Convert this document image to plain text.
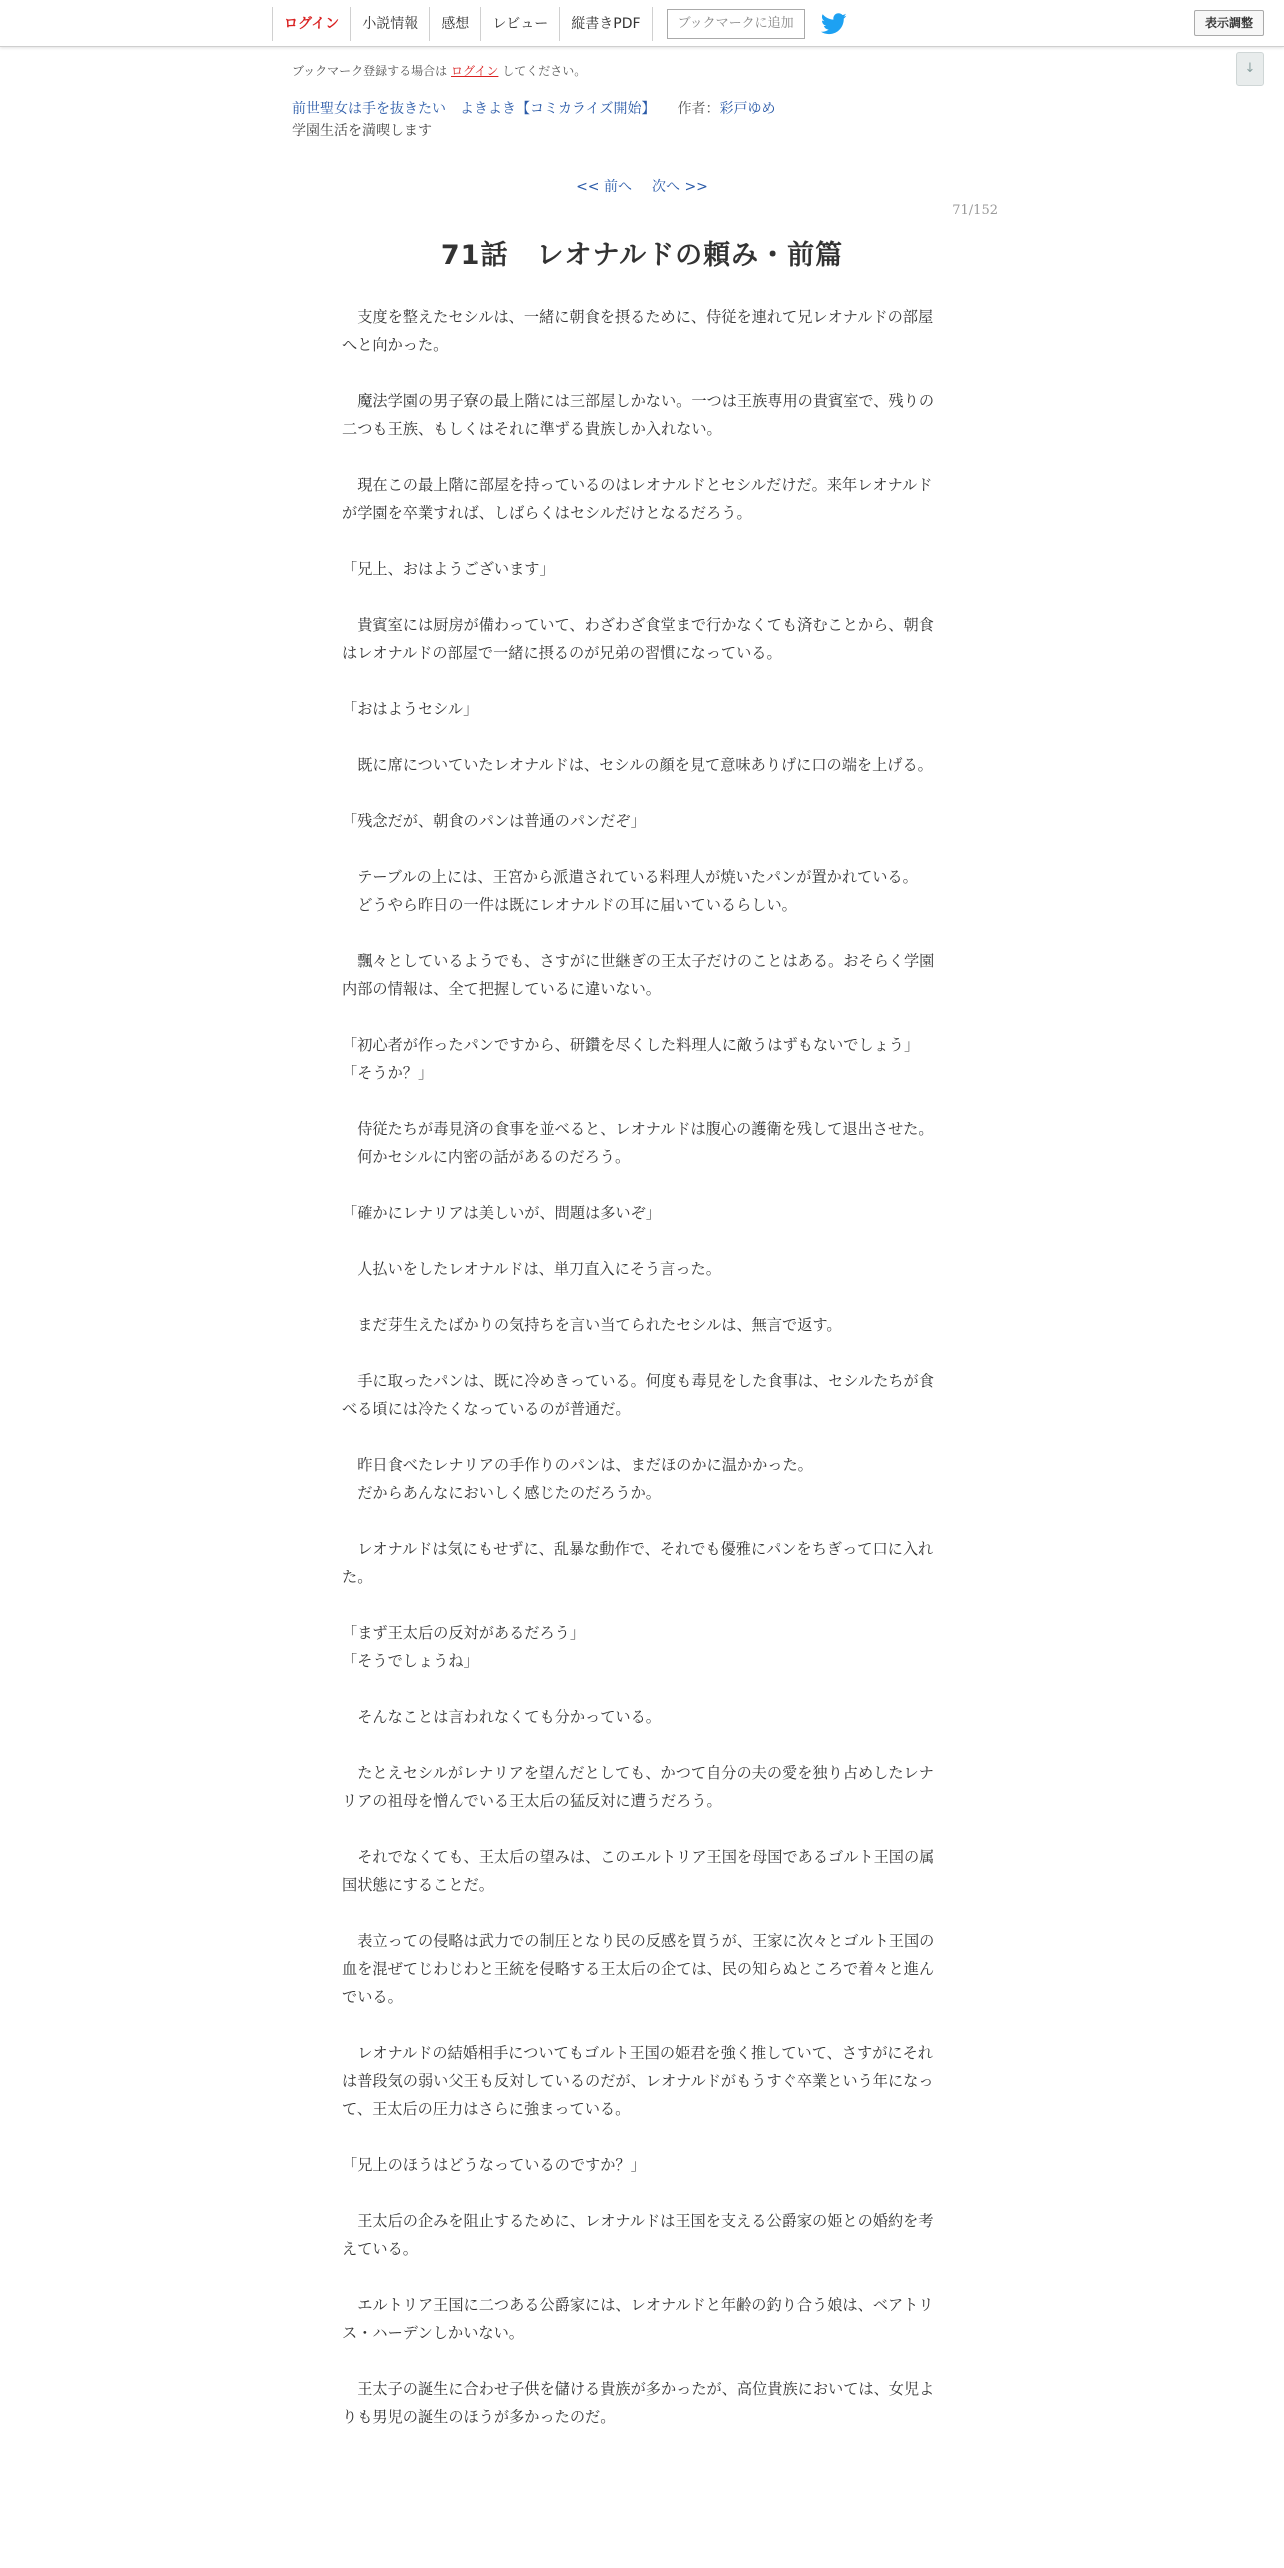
ログイン	小説情報	感想	レビュー	縦書きPDF	ブックマークに追加	表示調整
↓
ブックマーク登録する場合は ログイン してください。
前世聖女は手を抜きたい　よきよき【コミカライズ開始】 作者：彩戸ゆめ
学園生活を満喫します
<< 前へ 次へ >>
71/152
71話　レオナルドの頼み・前篇

　支度を整えたセシルは、一緒に朝食を摂るために、侍従を連れて兄レオナルドの部屋へと向かった。

　魔法学園の男子寮の最上階には三部屋しかない。一つは王族専用の貴賓室で、残りの二つも王族、もしくはそれに準ずる貴族しか入れない。

　現在この最上階に部屋を持っているのはレオナルドとセシルだけだ。来年レオナルドが学園を卒業すれば、しばらくはセシルだけとなるだろう。

「兄上、おはようございます」

　貴賓室には厨房が備わっていて、わざわざ食堂まで行かなくても済むことから、朝食はレオナルドの部屋で一緒に摂るのが兄弟の習慣になっている。

「おはようセシル」

　既に席についていたレオナルドは、セシルの顔を見て意味ありげに口の端を上げる。

「残念だが、朝食のパンは普通のパンだぞ」

　テーブルの上には、王宮から派遣されている料理人が焼いたパンが置かれている。

　どうやら昨日の一件は既にレオナルドの耳に届いているらしい。

　飄々としているようでも、さすがに世継ぎの王太子だけのことはある。おそらく学園内部の情報は、全て把握しているに違いない。

「初心者が作ったパンですから、研鑽を尽くした料理人に敵うはずもないでしょう」

「そうか？」

　侍従たちが毒見済の食事を並べると、レオナルドは腹心の護衛を残して退出させた。

　何かセシルに内密の話があるのだろう。

「確かにレナリアは美しいが、問題は多いぞ」

　人払いをしたレオナルドは、単刀直入にそう言った。

　まだ芽生えたばかりの気持ちを言い当てられたセシルは、無言で返す。

　手に取ったパンは、既に冷めきっている。何度も毒見をした食事は、セシルたちが食べる頃には冷たくなっているのが普通だ。

　昨日食べたレナリアの手作りのパンは、まだほのかに温かかった。

　だからあんなにおいしく感じたのだろうか。

　レオナルドは気にもせずに、乱暴な動作で、それでも優雅にパンをちぎって口に入れた。

「まず王太后の反対があるだろう」

「そうでしょうね」

　そんなことは言われなくても分かっている。

　たとえセシルがレナリアを望んだとしても、かつて自分の夫の愛を独り占めしたレナリアの祖母を憎んでいる王太后の猛反対に遭うだろう。

　それでなくても、王太后の望みは、このエルトリア王国を母国であるゴルト王国の属国状態にすることだ。

　表立っての侵略は武力での制圧となり民の反感を買うが、王家に次々とゴルト王国の血を混ぜてじわじわと王統を侵略する王太后の企ては、民の知らぬところで着々と進んでいる。

　レオナルドの結婚相手についてもゴルト王国の姫君を強く推していて、さすがにそれは普段気の弱い父王も反対しているのだが、レオナルドがもうすぐ卒業という年になって、王太后の圧力はさらに強まっている。

「兄上のほうはどうなっているのですか？」

　王太后の企みを阻止するために、レオナルドは王国を支える公爵家の姫との婚約を考えている。

　エルトリア王国に二つある公爵家には、レオナルドと年齢の釣り合う娘は、ベアトリス・ハーデンしかいない。

　王太子の誕生に合わせ子供を儲ける貴族が多かったが、高位貴族においては、女児よりも男児の誕生のほうが多かったのだ。
